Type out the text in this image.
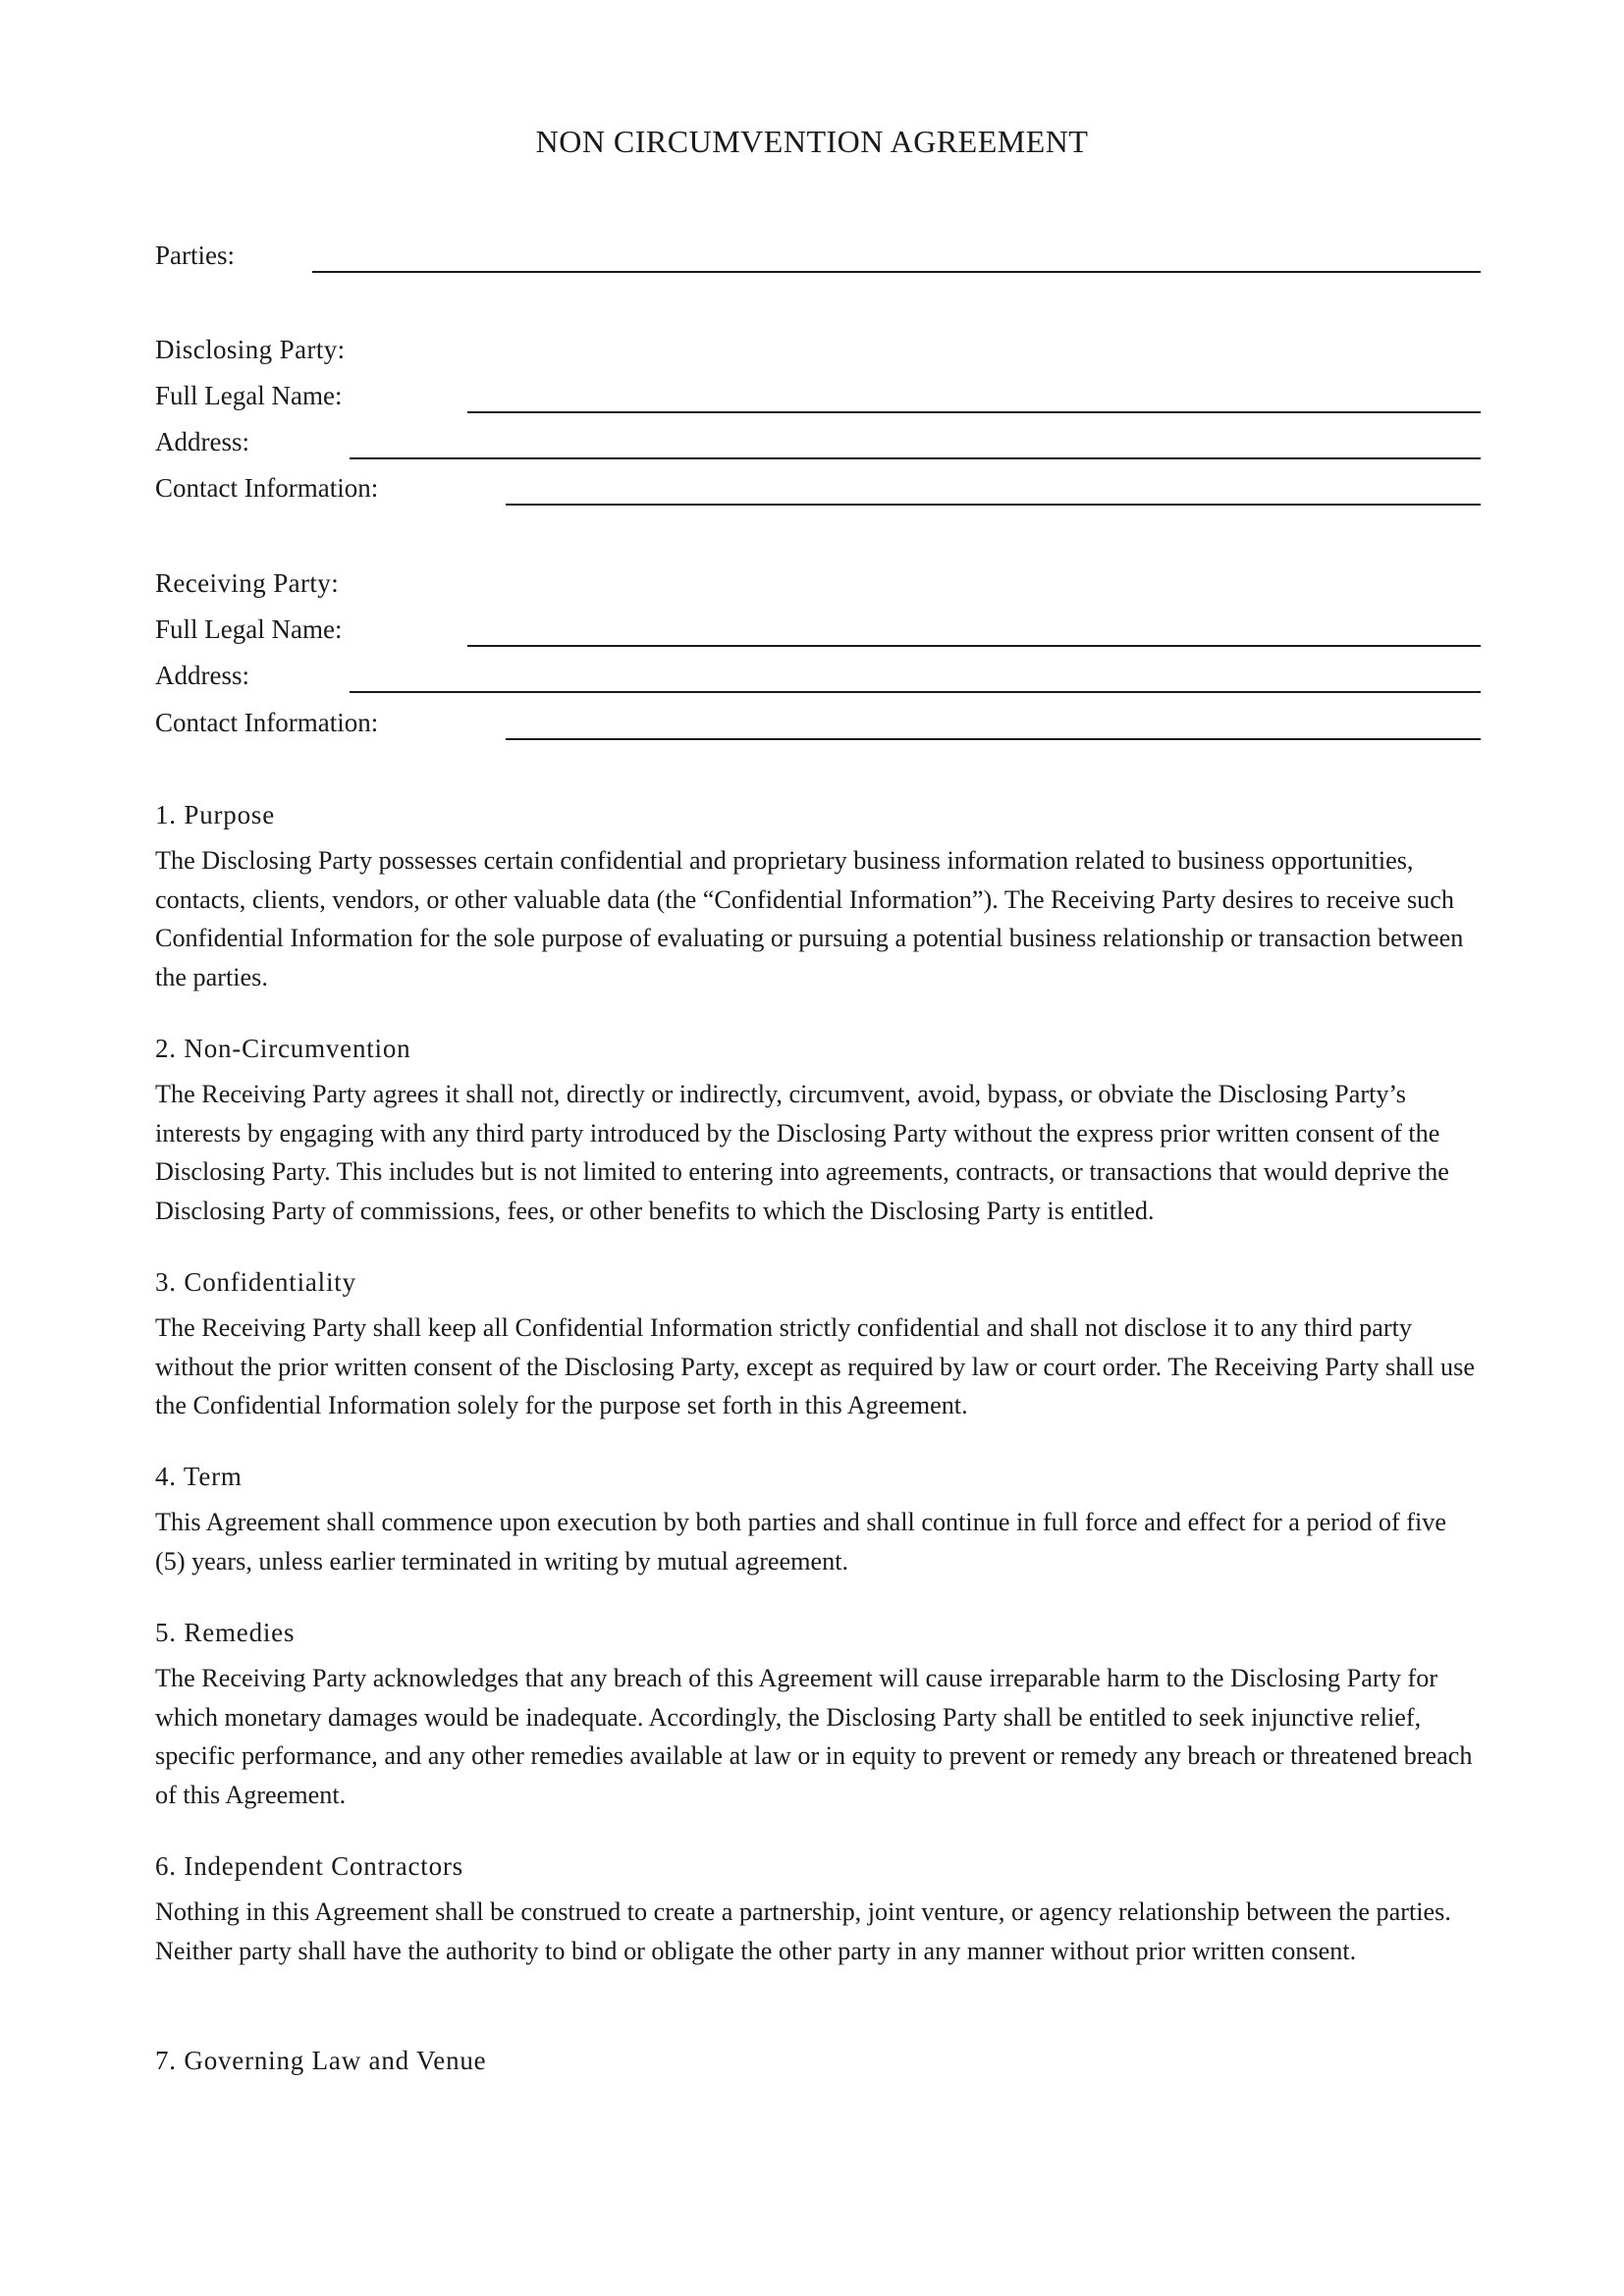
NON CIRCUMVENTION AGREEMENT
Parties:
Disclosing Party:
Full Legal Name:
Address:
Contact Information:
Receiving Party:
Full Legal Name:
Address:
Contact Information:
1. Purpose

The Disclosing Party possesses certain confidential and proprietary business information related to business opportunities, contacts, clients, vendors, or other valuable data (the “Confidential Information”). The Receiving Party desires to receive such Confidential Information for the sole purpose of evaluating or pursuing a potential business relationship or transaction between the parties.

2. Non-Circumvention

The Receiving Party agrees it shall not, directly or indirectly, circumvent, avoid, bypass, or obviate the Disclosing Party’s interests by engaging with any third party introduced by the Disclosing Party without the express prior written consent of the Disclosing Party. This includes but is not limited to entering into agreements, contracts, or transactions that would deprive the Disclosing Party of commissions, fees, or other benefits to which the Disclosing Party is entitled.

3. Confidentiality

The Receiving Party shall keep all Confidential Information strictly confidential and shall not disclose it to any third party without the prior written consent of the Disclosing Party, except as required by law or court order. The Receiving Party shall use the Confidential Information solely for the purpose set forth in this Agreement.

4. Term

This Agreement shall commence upon execution by both parties and shall continue in full force and effect for a period of five (5) years, unless earlier terminated in writing by mutual agreement.

5. Remedies

The Receiving Party acknowledges that any breach of this Agreement will cause irreparable harm to the Disclosing Party for which monetary damages would be inadequate. Accordingly, the Disclosing Party shall be entitled to seek injunctive relief, specific performance, and any other remedies available at law or in equity to prevent or remedy any breach or threatened breach of this Agreement.

6. Independent Contractors

Nothing in this Agreement shall be construed to create a partnership, joint venture, or agency relationship between the parties. Neither party shall have the authority to bind or obligate the other party in any manner without prior written consent.

7. Governing Law and Venue
